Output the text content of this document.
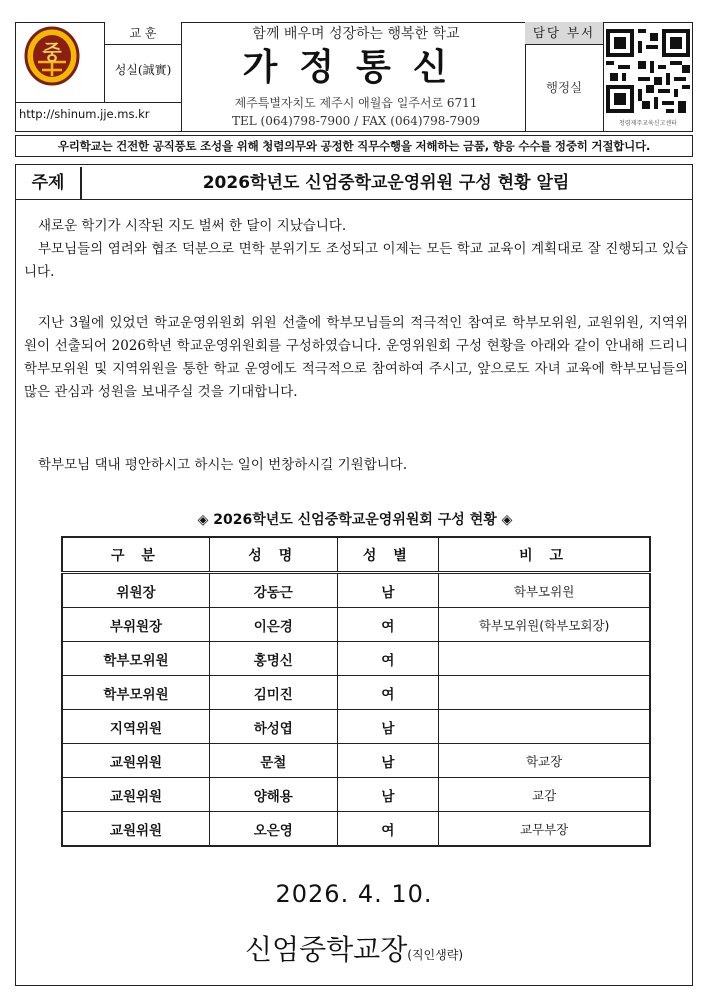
중
교 훈
성실(誠實)
http://shinum.jje.ms.kr
함께 배우며 성장하는 행복한 학교
가정통신
제주특별자치도 제주시 애월읍 일주서로 6711
TEL (064)798-7900 / FAX (064)798-7909
담당 부서
행정실
청렴제주교육신고센터
우리학교는 건전한 공직풍토 조성을 위해 청렴의무와 공정한 직무수행을 저해하는 금품, 향응 수수를 정중히 거절합니다.
주제	2026학년도 신엄중학교운영위원 구성 현황 알림
새로운 학기가 시작된 지도 벌써 한 달이 지났습니다.
부모님들의 염려와 협조 덕분으로 면학 분위기도 조성되고 이제는 모든 학교 교육이 계획대로 잘 진행되고 있습니다.
지난 3월에 있었던 학교운영위원회 위원 선출에 학부모님들의 적극적인 참여로 학부모위원, 교원위원, 지역위원이 선출되어 2026학년 학교운영위원회를 구성하였습니다. 운영위원회 구성 현황을 아래와 같이 안내해 드리니 학부모위원 및 지역위원을 통한 학교 운영에도 적극적으로 참여하여 주시고, 앞으로도 자녀 교육에 학부모님들의 많은 관심과 성원을 보내주실 것을 기대합니다.
학부모님 댁내 평안하시고 하시는 일이 번창하시길 기원합니다.
◈ 2026학년도 신엄중학교운영위원회 구성 현황 ◈
구 분	성 명	성 별	비 고
위원장	강동근	남	학부모위원
부위원장	이은경	여	학부모위원(학부모회장)
학부모위원	홍명신	여	
학부모위원	김미진	여	
지역위원	하성엽	남	
교원위원	문철	남	학교장
교원위원	양해용	남	교감
교원위원	오은영	여	교무부장
2026. 4. 10.
신엄중학교장(직인생략)
